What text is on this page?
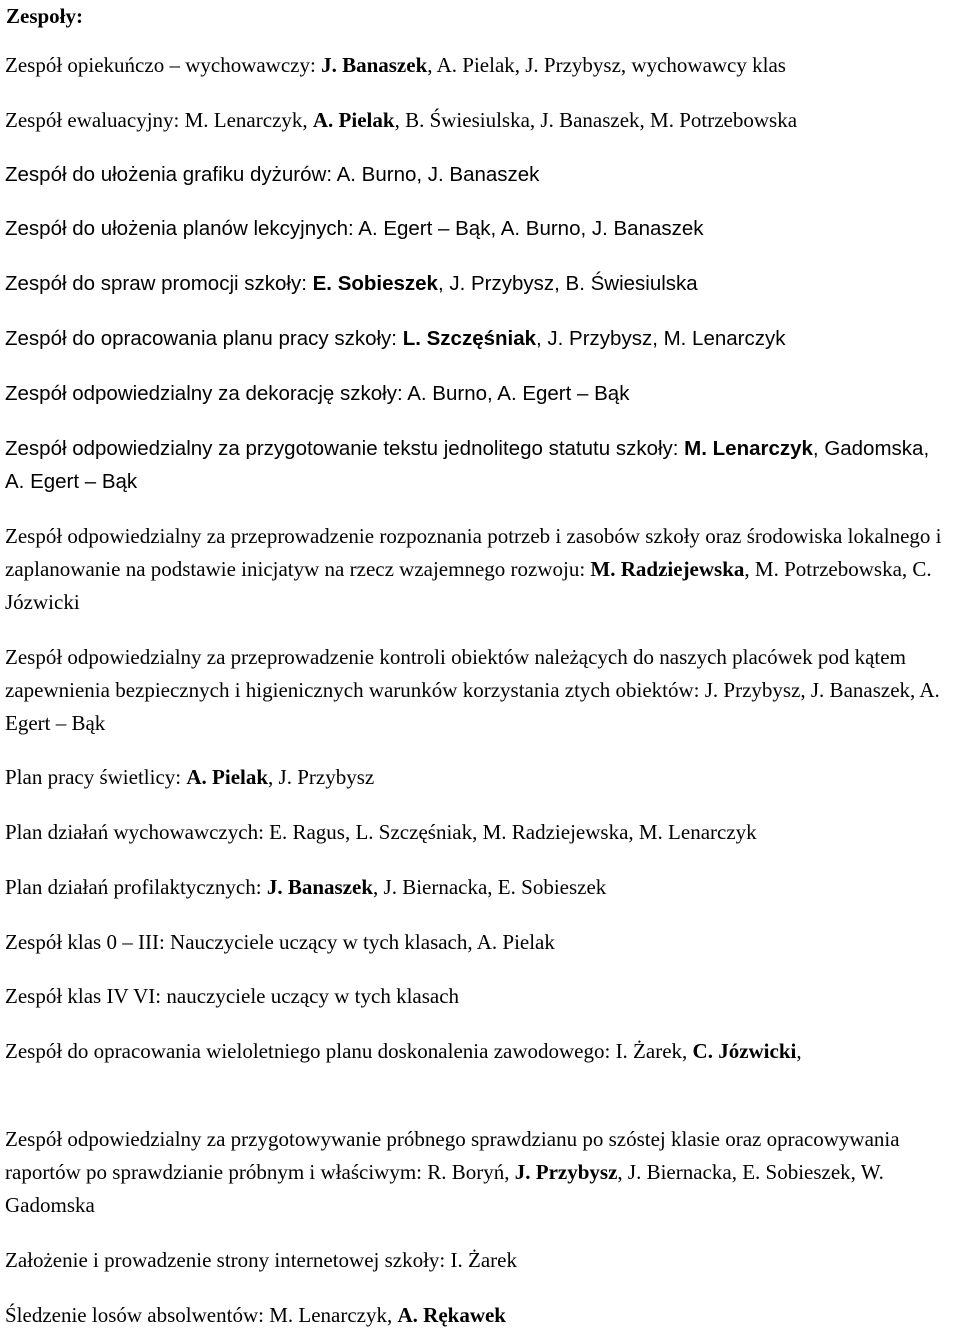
Zespoły:

Zespół opiekuńczo – wychowawczy: J. Banaszek, A. Pielak, J. Przybysz, wychowawcy klas

Zespół ewaluacyjny: M. Lenarczyk, A. Pielak, B. Świesiulska, J. Banaszek, M. Potrzebowska

Zespół do ułożenia grafiku dyżurów: A. Burno, J. Banaszek

Zespół do ułożenia planów lekcyjnych: A. Egert – Bąk, A. Burno, J. Banaszek

Zespół do spraw promocji szkoły: E. Sobieszek, J. Przybysz, B. Świesiulska

Zespół do opracowania planu pracy szkoły: L. Szczęśniak, J. Przybysz, M. Lenarczyk

Zespół odpowiedzialny za dekorację szkoły: A. Burno, A. Egert – Bąk

Zespół odpowiedzialny za przygotowanie tekstu jednolitego statutu szkoły: M. Lenarczyk, Gadomska, A. Egert – Bąk

Zespół odpowiedzialny za przeprowadzenie rozpoznania potrzeb i zasobów szkoły oraz środowiska lokalnego i zaplanowanie na podstawie inicjatyw na rzecz wzajemnego rozwoju: M. Radziejewska, M. Potrzebowska, C. Józwicki

Zespół odpowiedzialny za przeprowadzenie kontroli obiektów należących do naszych placówek pod kątem zapewnienia bezpiecznych i higienicznych warunków korzystania ztych obiektów: J. Przybysz, J. Banaszek, A. Egert – Bąk

Plan pracy świetlicy: A. Pielak, J. Przybysz

Plan działań wychowawczych: E. Ragus, L. Szczęśniak, M. Radziejewska, M. Lenarczyk

Plan działań profilaktycznych: J. Banaszek, J. Biernacka, E. Sobieszek

Zespół klas 0 – III: Nauczyciele uczący w tych klasach, A. Pielak

Zespół klas IV VI: nauczyciele uczący w tych klasach

Zespół do opracowania wieloletniego planu doskonalenia zawodowego: I. Żarek, C. Józwicki,

Zespół odpowiedzialny za przygotowywanie próbnego sprawdzianu po szóstej klasie oraz opracowywania raportów po sprawdzianie próbnym i właściwym: R. Boryń, J. Przybysz, J. Biernacka, E. Sobieszek, W. Gadomska

Założenie i prowadzenie strony internetowej szkoły: I. Żarek

Śledzenie losów absolwentów: M. Lenarczyk, A. Rękawek
